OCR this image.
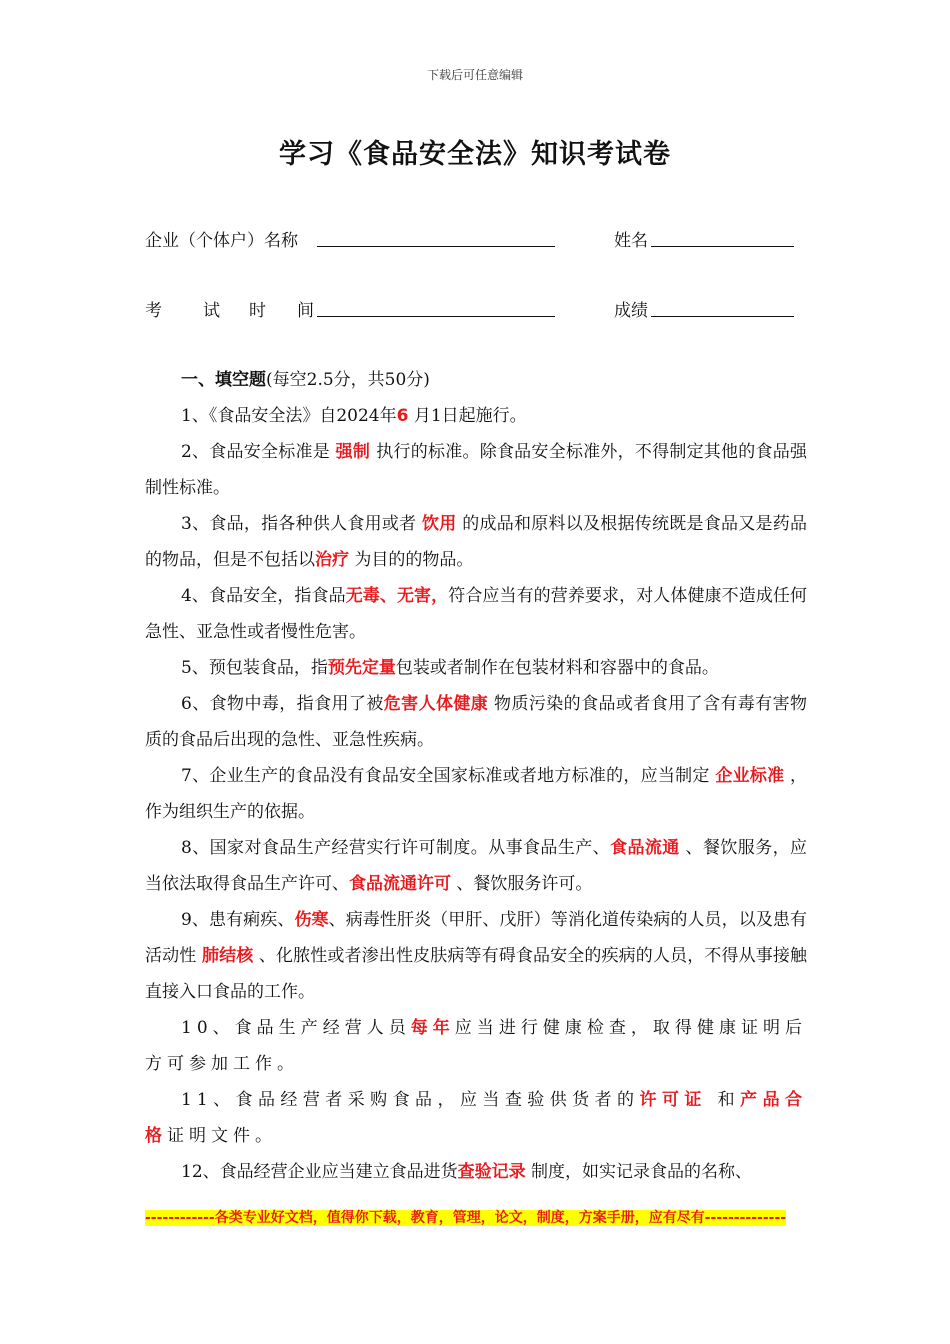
下载后可任意编辑
学习《食品安全法》知识考试卷
企业（个体户）名称	姓名
考 试 时 间	成绩

一、填空题(每空2.5分，共50分)

1、《食品安全法》自2024年6 月1日起施行。

2、食品安全标准是 强制 执行的标准。除食品安全标准外，不得制定其他的食品强制性标准。

3、食品，指各种供人食用或者 饮用 的成品和原料以及根据传统既是食品又是药品的物品，但是不包括以治疗 为目的的物品。

4、食品安全，指食品无毒、无害，符合应当有的营养要求，对人体健康不造成任何急性、亚急性或者慢性危害。

5、预包装食品，指预先定量包装或者制作在包装材料和容器中的食品。

6、食物中毒，指食用了被危害人体健康 物质污染的食品或者食用了含有毒有害物质的食品后出现的急性、亚急性疾病。

7、企业生产的食品没有食品安全国家标准或者地方标准的，应当制定 企业标准 ，作为组织生产的依据。

8、国家对食品生产经营实行许可制度。从事食品生产、食品流通 、餐饮服务，应当依法取得食品生产许可、食品流通许可 、餐饮服务许可。

9、患有痢疾、伤寒、病毒性肝炎（甲肝、戊肝）等消化道传染病的人员，以及患有活动性 肺结核 、化脓性或者渗出性皮肤病等有碍食品安全的疾病的人员，不得从事接触直接入口食品的工作。

10、食品生产经营人员每年应当进行健康检查，取得健康证明后方可参加工作。

11、食品经营者采购食品，应当查验供货者的许可证 和产品合格证明文件。

12、食品经营企业应当建立食品进货查验记录 制度，如实记录食品的名称、

------------各类专业好文档，值得你下载，教育，管理，论文，制度，方案手册，应有尽有--------------
